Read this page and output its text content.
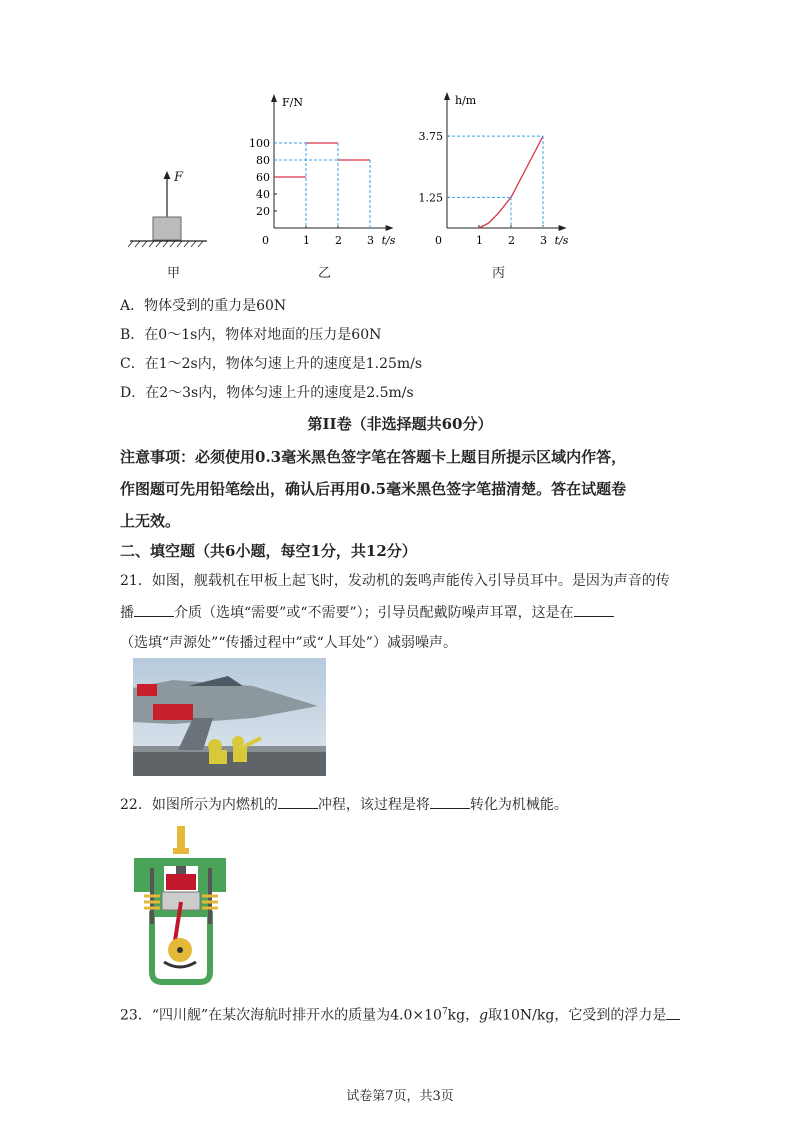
F
甲
F/N
t/s
0	1 2 3
20
40
60
80
100
乙
h/m
t/s
0	1 2 3
1.25
3.75
丙
A．物体受到的重力是60N
B．在0～1s内，物体对地面的压力是60N
C．在1～2s内，物体匀速上升的速度是1.25m/s
D．在2～3s内，物体匀速上升的速度是2.5m/s
第II卷（非选择题共60分）
注意事项：必须使用0.3毫米黑色签字笔在答题卡上题目所提示区域内作答，
作图题可先用铅笔绘出，确认后再用0.5毫米黑色签字笔描清楚。答在试题卷
上无效。
二、填空题（共6小题，每空1分，共12分）
21．如图，舰载机在甲板上起飞时，发动机的轰鸣声能传入引导员耳中。是因为声音的传
播	介质（选填“需要”或“不需要”）；引导员配戴防噪声耳罩，这是在
（选填“声源处”“传播过程中”或“人耳处”）减弱噪声。
22．如图所示为内燃机的	冲程，该过程是将	转化为机械能。
23．“四川舰”在某次海航时排开水的质量为$4.0\times 10^7kg$，g取10N/kg，它受到的浮力是
试卷第7页，共3页
